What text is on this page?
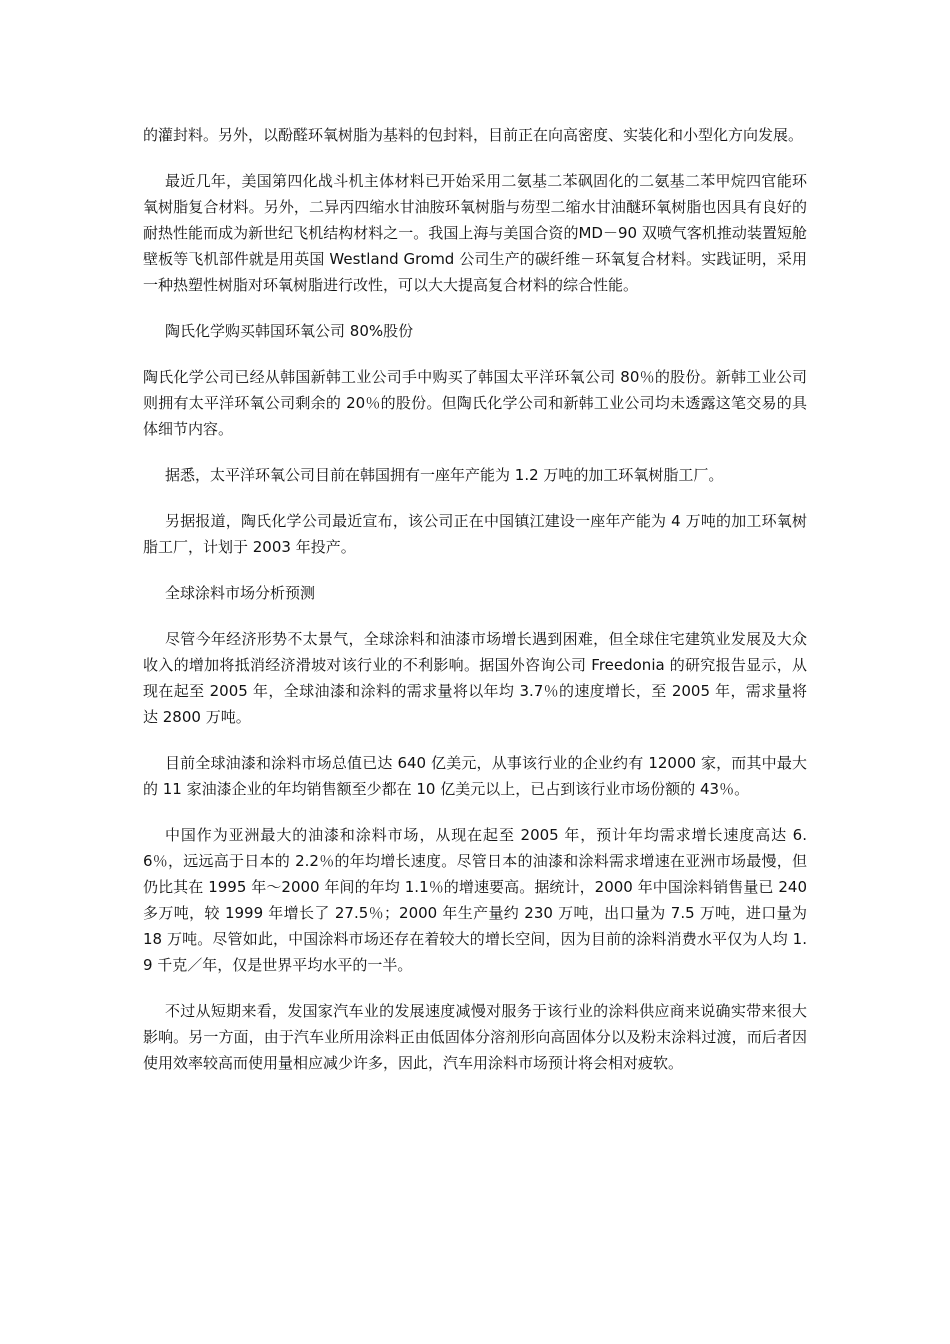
的灌封料。另外，以酚醛环氧树脂为基料的包封料，目前正在向高密度、实装化和小型化方向发展。

最近几年，美国第四化战斗机主体材料已开始采用二氨基二苯砜固化的二氨基二苯甲烷四官能环氧树脂复合材料。另外，二异丙四缩水甘油胺环氧树脂与芴型二缩水甘油醚环氧树脂也因具有良好的耐热性能而成为新世纪飞机结构材料之一。我国上海与美国合资的MD－90 双喷气客机推动装置短舱壁板等飞机部件就是用英国 Westland Gromd 公司生产的碳纤维－环氧复合材料。实践证明，采用一种热塑性树脂对环氧树脂进行改性，可以大大提高复合材料的综合性能。

陶氏化学购买韩国环氧公司 80%股份

陶氏化学公司已经从韩国新韩工业公司手中购买了韩国太平洋环氧公司 80％的股份。新韩工业公司则拥有太平洋环氧公司剩余的 20％的股份。但陶氏化学公司和新韩工业公司均未透露这笔交易的具体细节内容。

据悉，太平洋环氧公司目前在韩国拥有一座年产能为 1.2 万吨的加工环氧树脂工厂。

另据报道，陶氏化学公司最近宣布，该公司正在中国镇江建设一座年产能为 4 万吨的加工环氧树脂工厂，计划于 2003 年投产。

全球涂料市场分析预测

尽管今年经济形势不太景气，全球涂料和油漆市场增长遇到困难，但全球住宅建筑业发展及大众收入的增加将抵消经济滑坡对该行业的不利影响。据国外咨询公司 Freedonia 的研究报告显示，从现在起至 2005 年，全球油漆和涂料的需求量将以年均 3.7％的速度增长，至 2005 年，需求量将达 2800 万吨。

目前全球油漆和涂料市场总值已达 640 亿美元，从事该行业的企业约有 12000 家，而其中最大的 11 家油漆企业的年均销售额至少都在 10 亿美元以上，已占到该行业市场份额的 43％。

中国作为亚洲最大的油漆和涂料市场，从现在起至 2005 年，预计年均需求增长速度高达 6.6％，远远高于日本的 2.2％的年均增长速度。尽管日本的油漆和涂料需求增速在亚洲市场最慢，但仍比其在 1995 年～2000 年间的年均 1.1％的增速要高。据统计，2000 年中国涂料销售量已 240 多万吨，较 1999 年增长了 27.5％；2000 年生产量约 230 万吨，出口量为 7.5 万吨，进口量为 18 万吨。尽管如此，中国涂料市场还存在着较大的增长空间，因为目前的涂料消费水平仅为人均 1.9 千克／年，仅是世界平均水平的一半。

不过从短期来看，发国家汽车业的发展速度减慢对服务于该行业的涂料供应商来说确实带来很大影响。另一方面，由于汽车业所用涂料正由低固体分溶剂形向高固体分以及粉末涂料过渡，而后者因使用效率较高而使用量相应减少许多，因此，汽车用涂料市场预计将会相对疲软。
